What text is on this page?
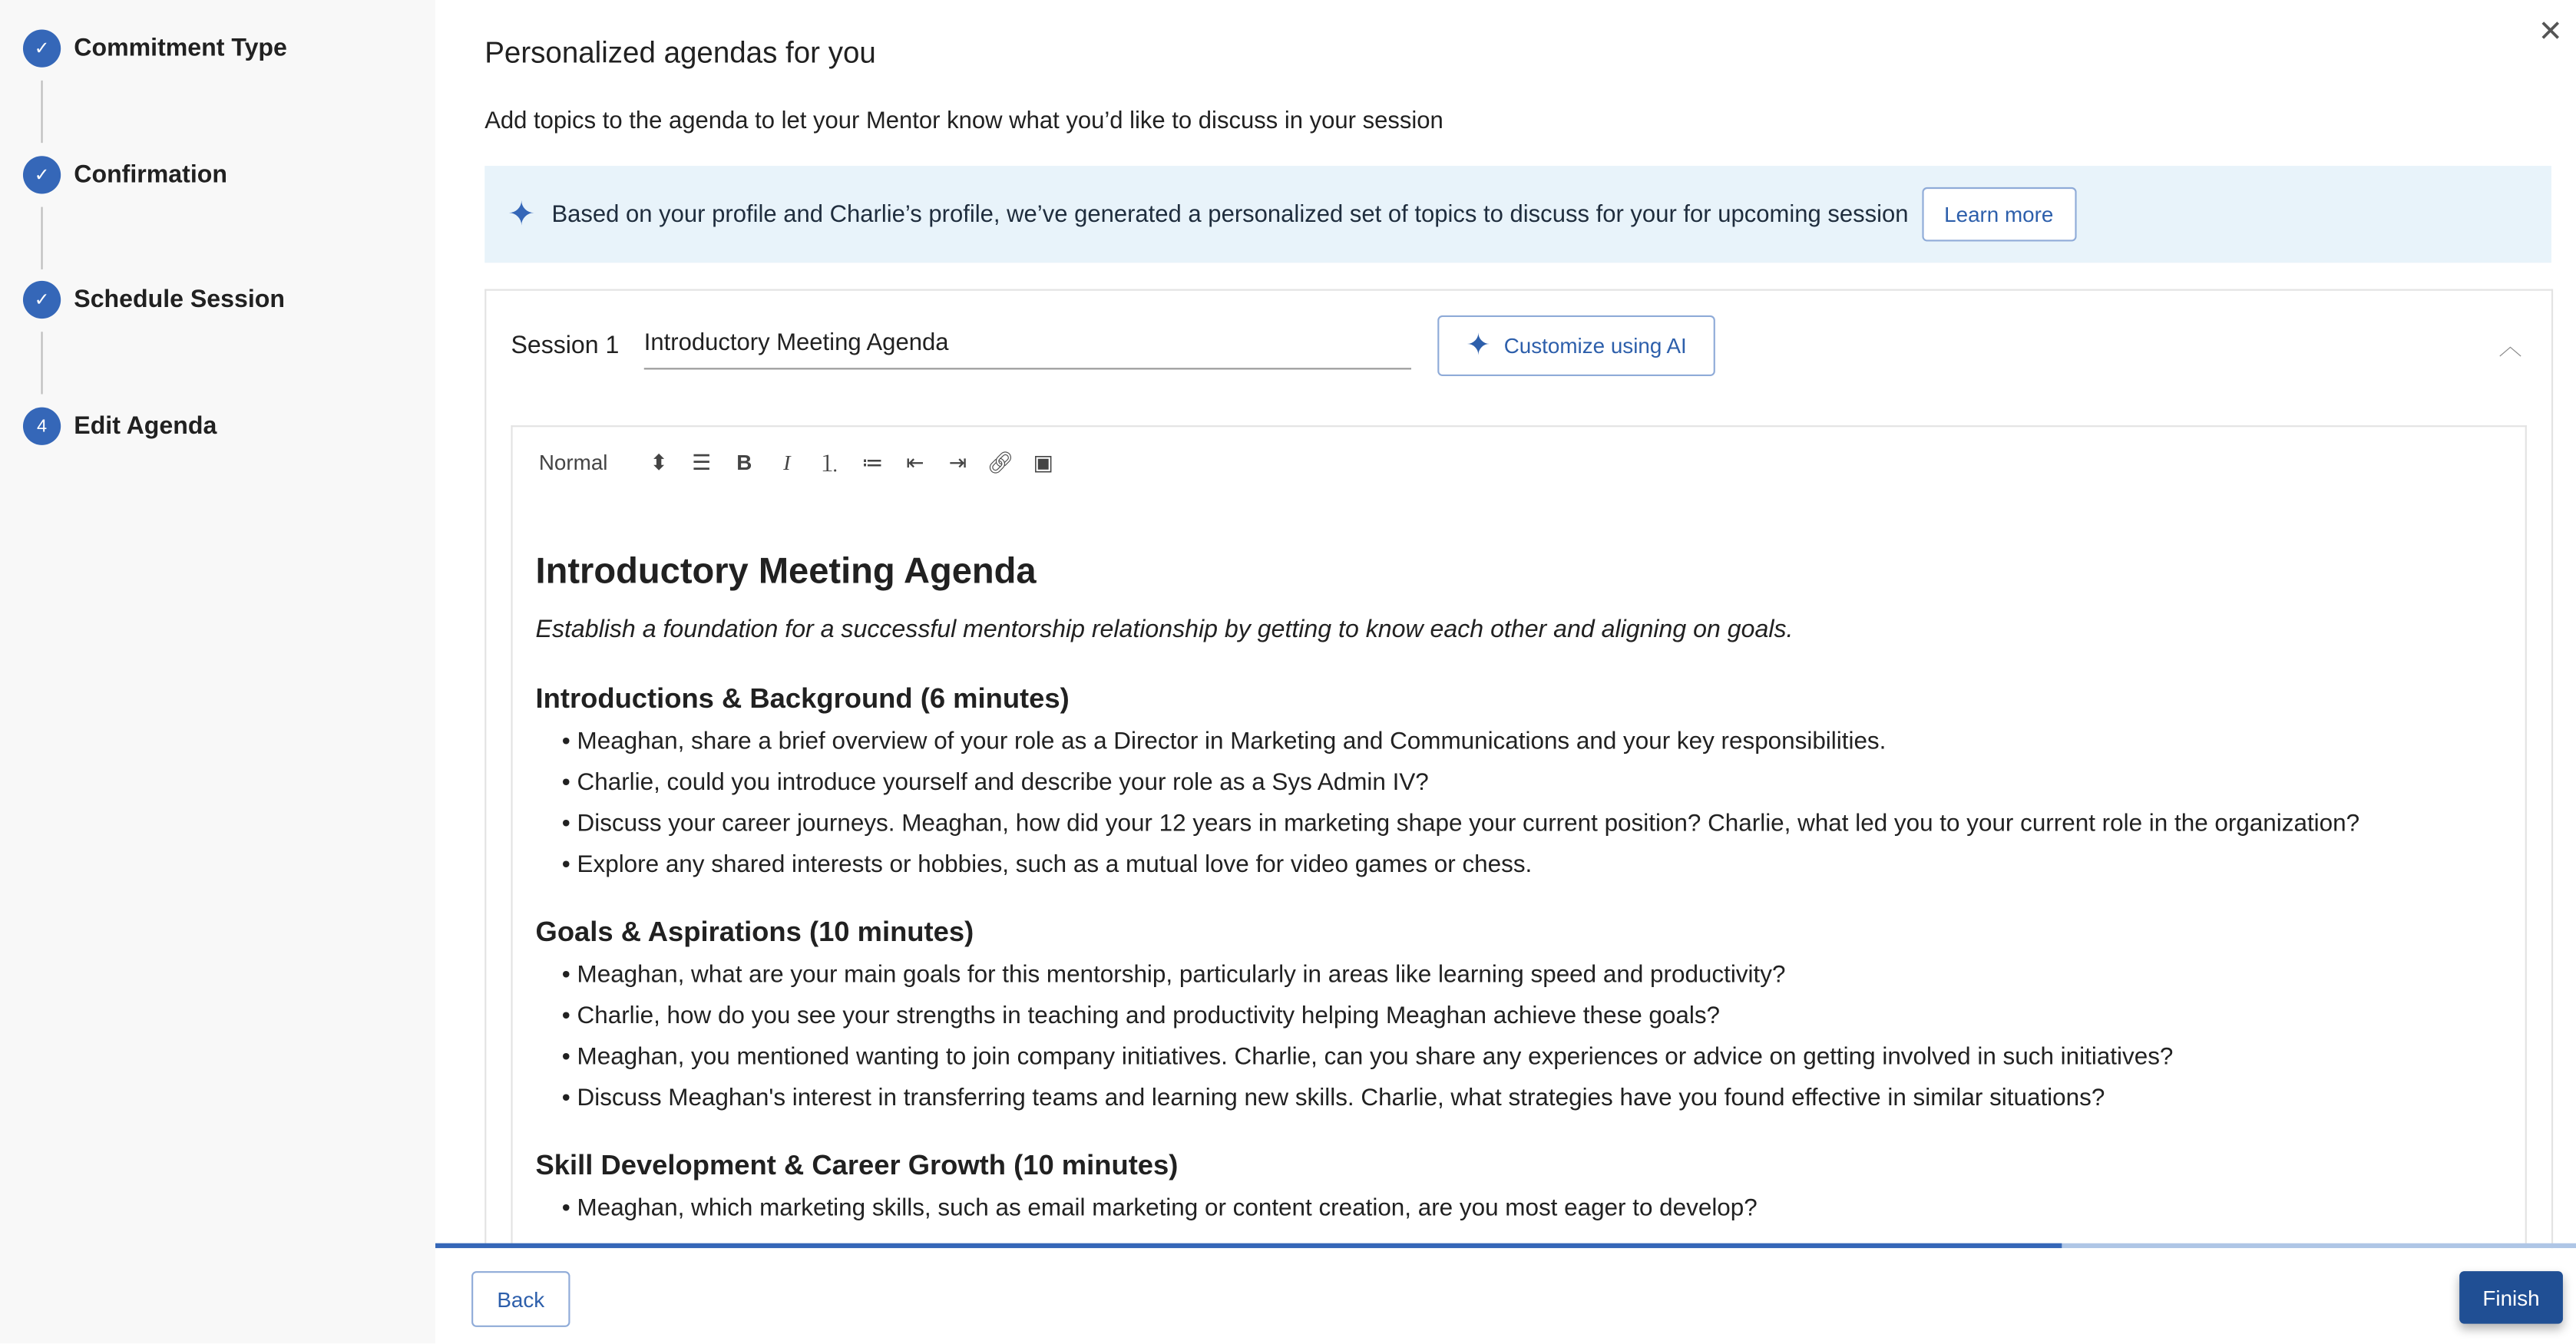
✓	Commitment Type
✓	Confirmation
✓	Schedule Session
4	Edit Agenda
✕
Personalized agendas for you
Add topics to the agenda to let your Mentor know what you’d like to discuss in your session
✦ Based on your profile and Charlie’s profile, we’ve generated a personalized set of topics to discuss for your for upcoming session	Learn more
Session 1 Introductory Meeting Agenda	✦ Customize using AI	︿
Normal	⬍	☰	B	I	⒈	≔	⇤	⇥	🔗︎	▣
Introductory Meeting Agenda
Establish a foundation for a successful mentorship relationship by getting to know each other and aligning on goals.
Introductions & Background (6 minutes)
• Meaghan, share a brief overview of your role as a Director in Marketing and Communications and your key responsibilities.
• Charlie, could you introduce yourself and describe your role as a Sys Admin IV?
• Discuss your career journeys. Meaghan, how did your 12 years in marketing shape your current position? Charlie, what led you to your current role in the organization?
• Explore any shared interests or hobbies, such as a mutual love for video games or chess.
Goals & Aspirations (10 minutes)
• Meaghan, what are your main goals for this mentorship, particularly in areas like learning speed and productivity?
• Charlie, how do you see your strengths in teaching and productivity helping Meaghan achieve these goals?
• Meaghan, you mentioned wanting to join company initiatives. Charlie, can you share any experiences or advice on getting involved in such initiatives?
• Discuss Meaghan's interest in transferring teams and learning new skills. Charlie, what strategies have you found effective in similar situations?
Skill Development & Career Growth (10 minutes)
• Meaghan, which marketing skills, such as email marketing or content creation, are you most eager to develop?
Back	Finish
